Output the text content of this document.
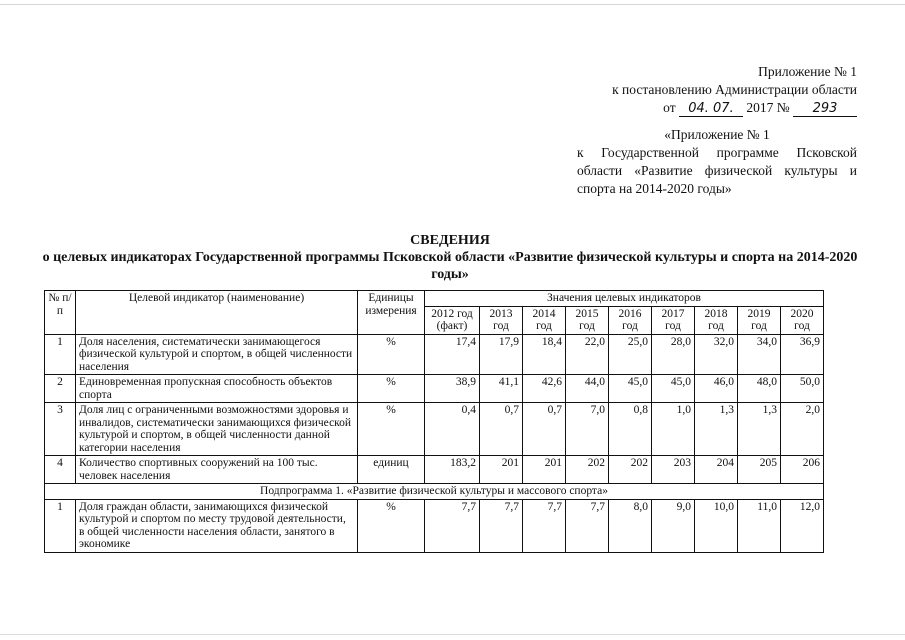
Приложение № 1
к постановлению Администрации области
от 04. 07. 2017 № 293
«Приложение № 1
к Государственной программе Псковской области «Развитие физической культуры и спорта на 2014-2020 годы»
СВЕДЕНИЯ
о целевых индикаторах Государственной программы Псковской области «Развитие физической культуры и спорта на 2014-2020 годы»
№ п/п	Целевой индикатор (наименование)	Единицы измерения	Значения целевых индикаторов								
			2012 год (факт)	2013 год	2014 год	2015 год	2016 год	2017 год	2018 год	2019 год	2020 год
1	Доля населения, систематически занимающегося физической культурой и спортом, в общей численности населения	%	17,4	17,9	18,4	22,0	25,0	28,0	32,0	34,0	36,9
2	Единовременная пропускная способность объектов спорта	%	38,9	41,1	42,6	44,0	45,0	45,0	46,0	48,0	50,0
3	Доля лиц с ограниченными возможностями здоровья и инвалидов, систематически занимающихся физической культурой и спортом, в общей численности данной категории населения	%	0,4	0,7	0,7	7,0	0,8	1,0	1,3	1,3	2,0
4	Количество спортивных сооружений на 100 тыс. человек населения	единиц	183,2	201	201	202	202	203	204	205	206
Подпрограмма 1. «Развитие физической культуры и массового спорта»											
1	Доля граждан области, занимающихся физической культурой и спортом по месту трудовой деятельности, в общей численности населения области, занятого в экономике	%	7,7	7,7	7,7	7,7	8,0	9,0	10,0	11,0	12,0
